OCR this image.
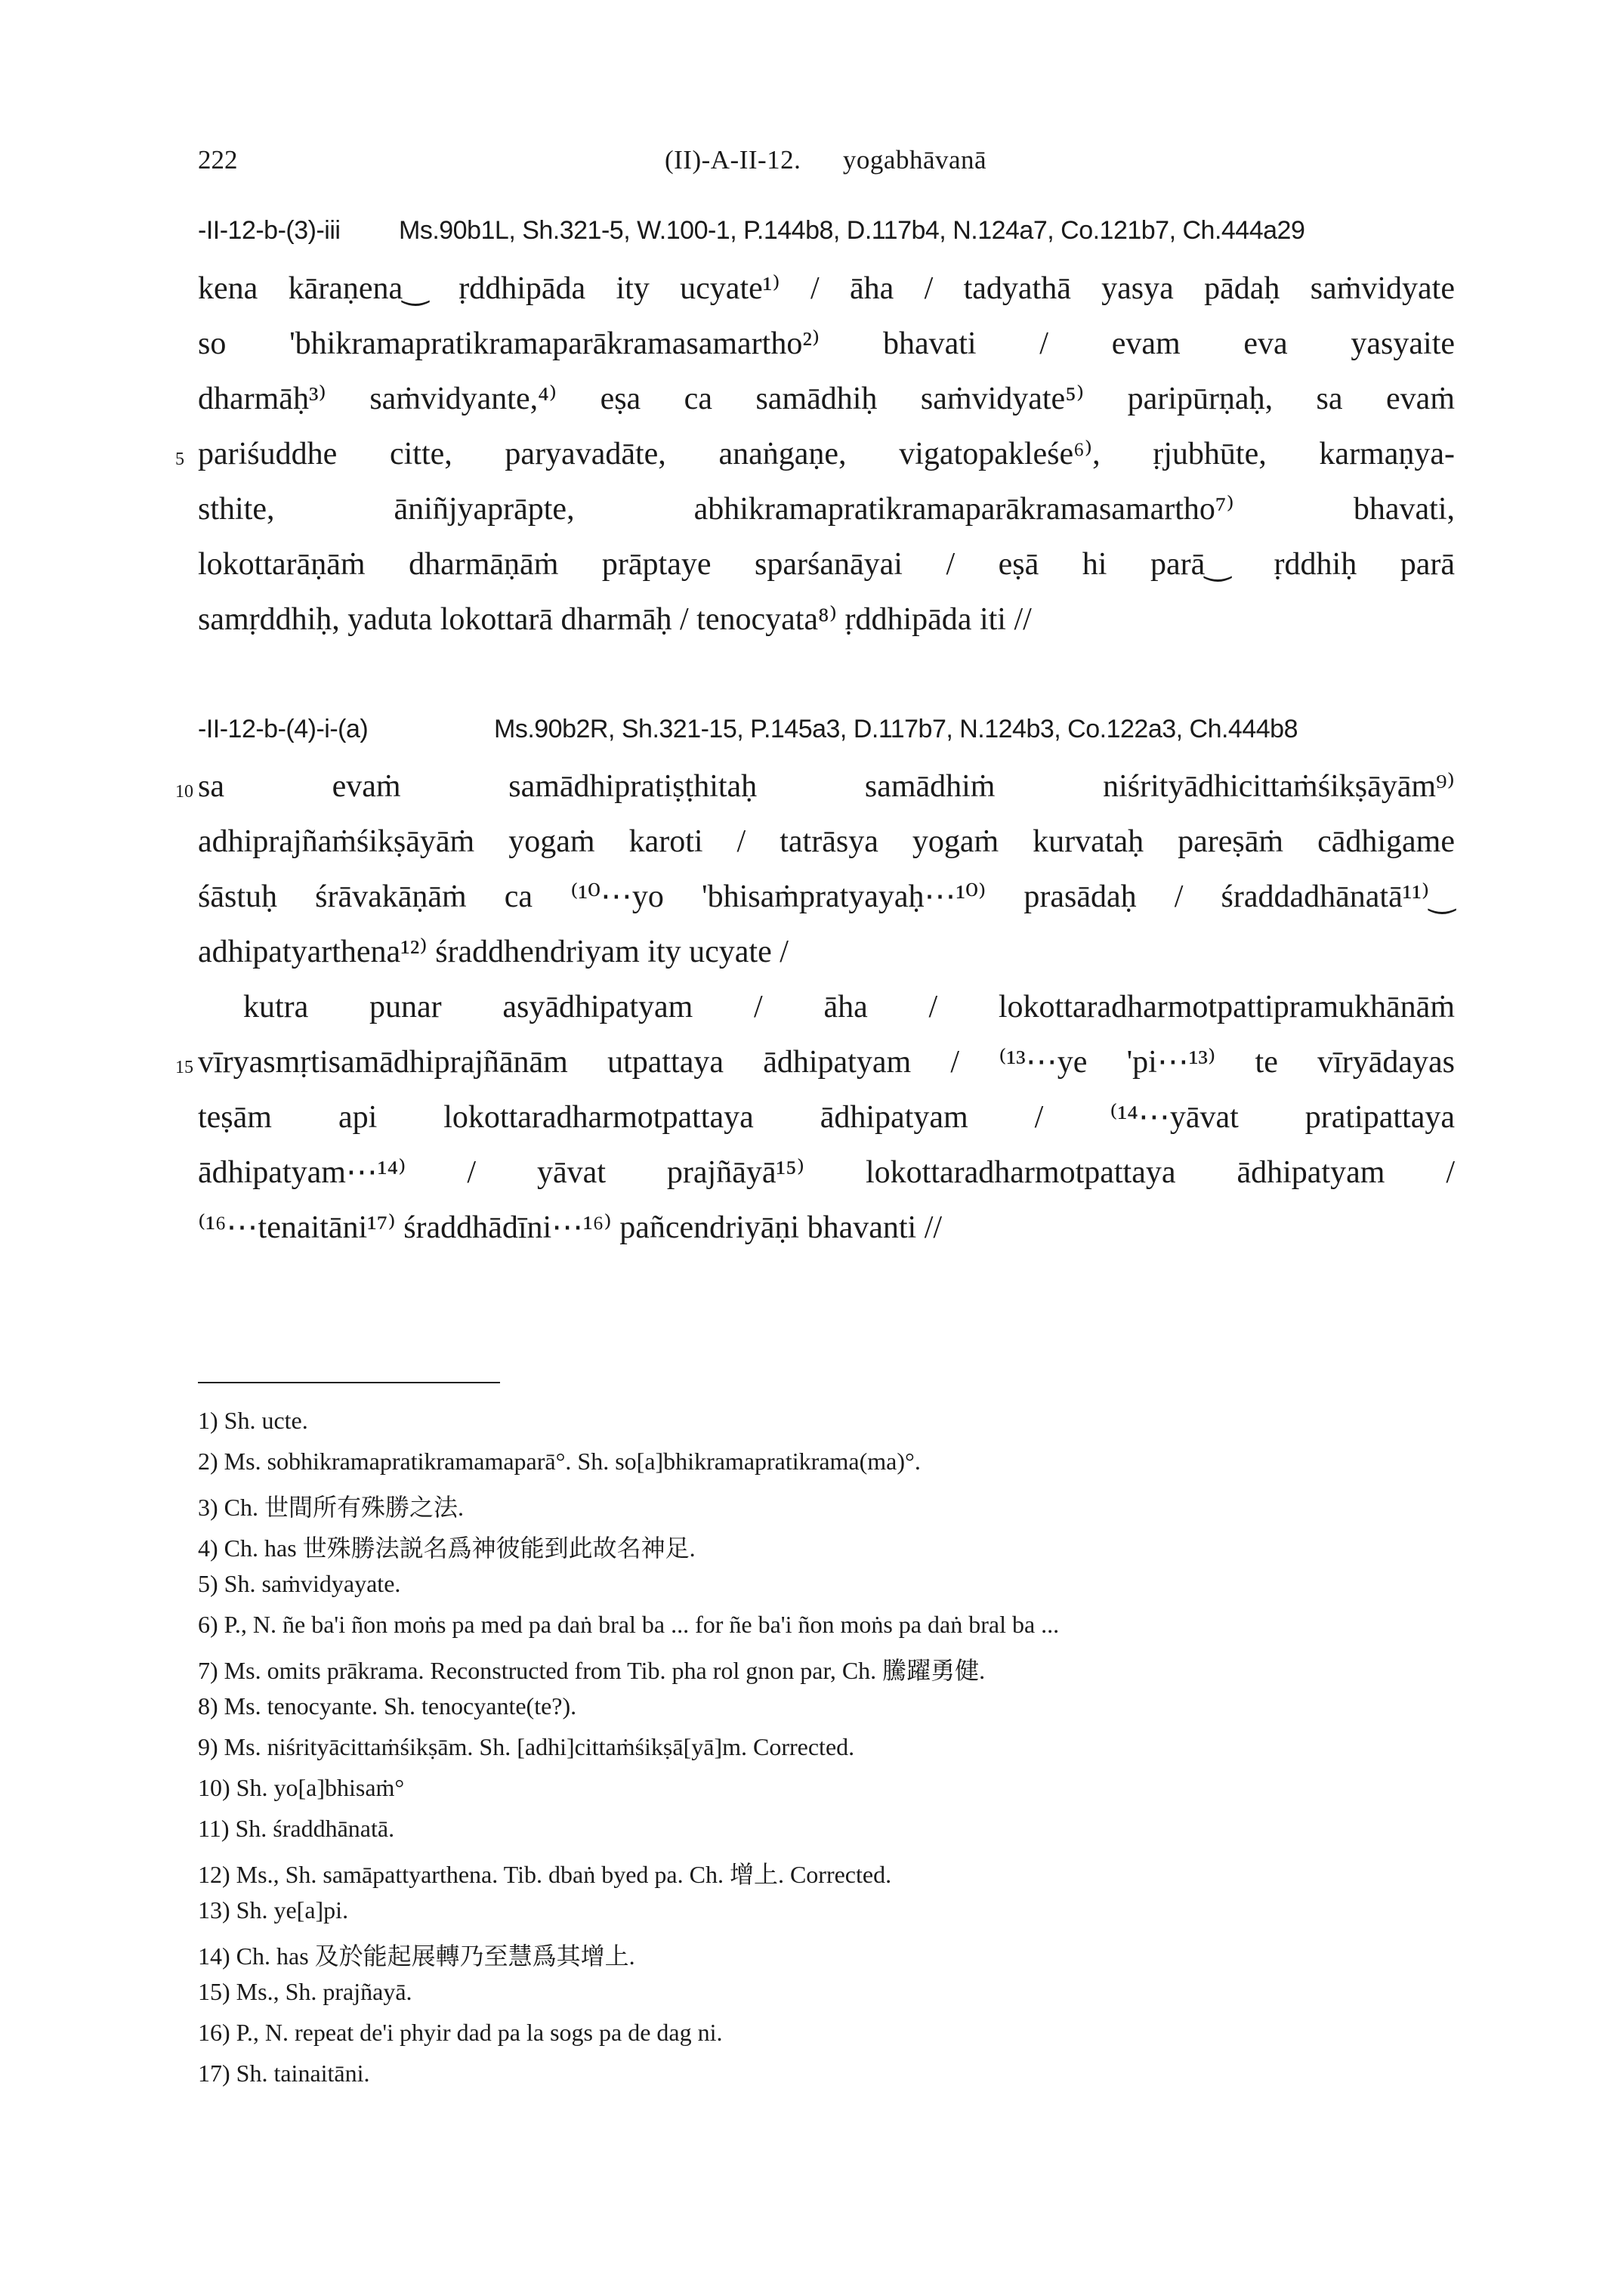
222	(II)-A-II-12.      yogabhāvanā
-II-12-b-(3)-iii Ms.90b1L, Sh.321-5, W.100-1, P.144b8, D.117b4, N.124a7, Co.121b7, Ch.444a29
kena kāraṇena‿ ṛddhipāda ity ucyate¹⁾ / āha / tadyathā yasya pādaḥ saṁvidyate
so 'bhikramapratikramaparākramasamartho²⁾ bhavati / evam eva yasyaite
dharmāḥ³⁾ saṁvidyante,⁴⁾ eṣa ca samādhiḥ saṁvidyate⁵⁾ paripūrṇaḥ, sa evaṁ
5 pariśuddhe citte, paryavadāte, anaṅgaṇe, vigatopakleśe⁶⁾, ṛjubhūte, karmaṇya-
sthite, āniñjyaprāpte, abhikramapratikramaparākramasamartho⁷⁾ bhavati,
lokottarāṇāṁ dharmāṇāṁ prāptaye sparśanāyai / eṣā hi parā‿ ṛddhiḥ parā
samṛddhiḥ, yaduta lokottarā dharmāḥ / tenocyata⁸⁾ ṛddhipāda iti //
-II-12-b-(4)-i-(a)	Ms.90b2R, Sh.321-15, P.145a3, D.117b7, N.124b3, Co.122a3, Ch.444b8
10 sa evaṁ samādhipratiṣṭhitaḥ samādhiṁ niśrityādhicittaṁśikṣāyām⁹⁾
adhiprajñaṁśikṣāyāṁ yogaṁ karoti / tatrāsya yogaṁ kurvataḥ pareṣāṁ cādhigame
śāstuḥ śrāvakāṇāṁ ca ⁽¹⁰⋯yo 'bhisaṁpratyayaḥ⋯¹⁰⁾ prasādaḥ / śraddadhānatā¹¹⁾‿
adhipatyarthena¹²⁾ śraddhendriyam ity ucyate /
kutra punar asyādhipatyam / āha / lokottaradharmotpattipramukhānāṁ
15 vīryasmṛtisamādhiprajñānām utpattaya ādhipatyam / ⁽¹³⋯ye 'pi⋯¹³⁾ te vīryādayas
teṣām api lokottaradharmotpattaya ādhipatyam / ⁽¹⁴⋯yāvat pratipattaya
ādhipatyam⋯¹⁴⁾ / yāvat prajñāyā¹⁵⁾ lokottaradharmotpattaya ādhipatyam /
⁽¹⁶⋯tenaitāni¹⁷⁾ śraddhādīni⋯¹⁶⁾ pañcendriyāṇi bhavanti //
1) Sh. ucte.
2) Ms. sobhikramapratikramamaparā°. Sh. so[a]bhikramapratikrama(ma)°.
3) Ch. 世間所有殊勝之法.
4) Ch. has 世殊勝法説名爲神彼能到此故名神足.
5) Sh. saṁvidyayate.
6) P., N. ñe ba'i ñon moṅs pa med pa daṅ bral ba ... for ñe ba'i ñon moṅs pa daṅ bral ba ...
7) Ms. omits prākrama. Reconstructed from Tib. pha rol gnon par, Ch. 騰躍勇健.
8) Ms. tenocyante. Sh. tenocyante(te?).
9) Ms. niśrityācittaṁśikṣām. Sh. [adhi]cittaṁśikṣā[yā]m. Corrected.
10) Sh. yo[a]bhisaṁ°
11) Sh. śraddhānatā.
12) Ms., Sh. samāpattyarthena. Tib. dbaṅ byed pa. Ch. 增上. Corrected.
13) Sh. ye[a]pi.
14) Ch. has 及於能起展轉乃至慧爲其增上.
15) Ms., Sh. prajñayā.
16) P., N. repeat de'i phyir dad pa la sogs pa de dag ni.
17) Sh. tainaitāni.
